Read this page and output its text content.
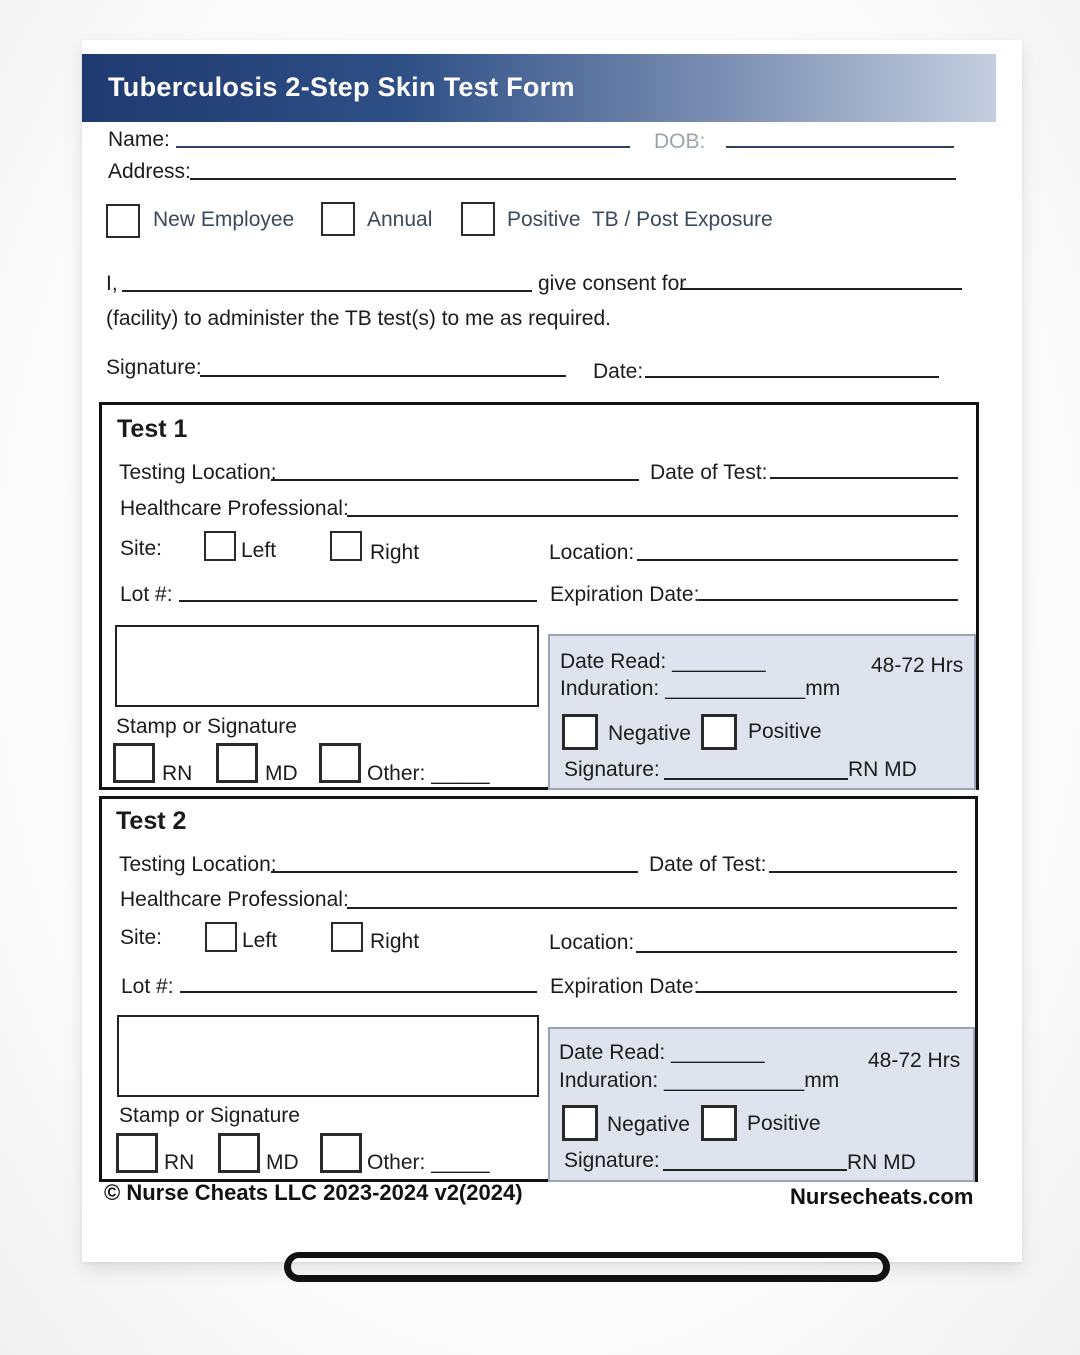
Tuberculosis 2-Step Skin Test Form
Name:	DOB:
Address:
New Employee	Annual	Positive  TB / Post Exposure
I,	give consent for
(facility) to administer the TB test(s) to me as required.
Signature:	Date:
Test 1
Testing Location:	Date of Test:
Healthcare Professional:
Site:	Left	Right	Location:
Lot #:	Expiration Date:
Stamp or Signature
RN	MD	Other: _____
Date Read: ________	48-72 Hrs
Induration: ____________mm
Negative	Positive
Signature:	RN MD
Test 2
Testing Location:	Date of Test:
Healthcare Professional:
Site:	Left	Right	Location:
Lot #:	Expiration Date:
Stamp or Signature
RN	MD	Other: _____
Date Read: ________	48-72 Hrs
Induration: ____________mm
Negative	Positive
Signature:	RN MD
© Nurse Cheats LLC 2023-2024 v2(2024)	Nursecheats.com
